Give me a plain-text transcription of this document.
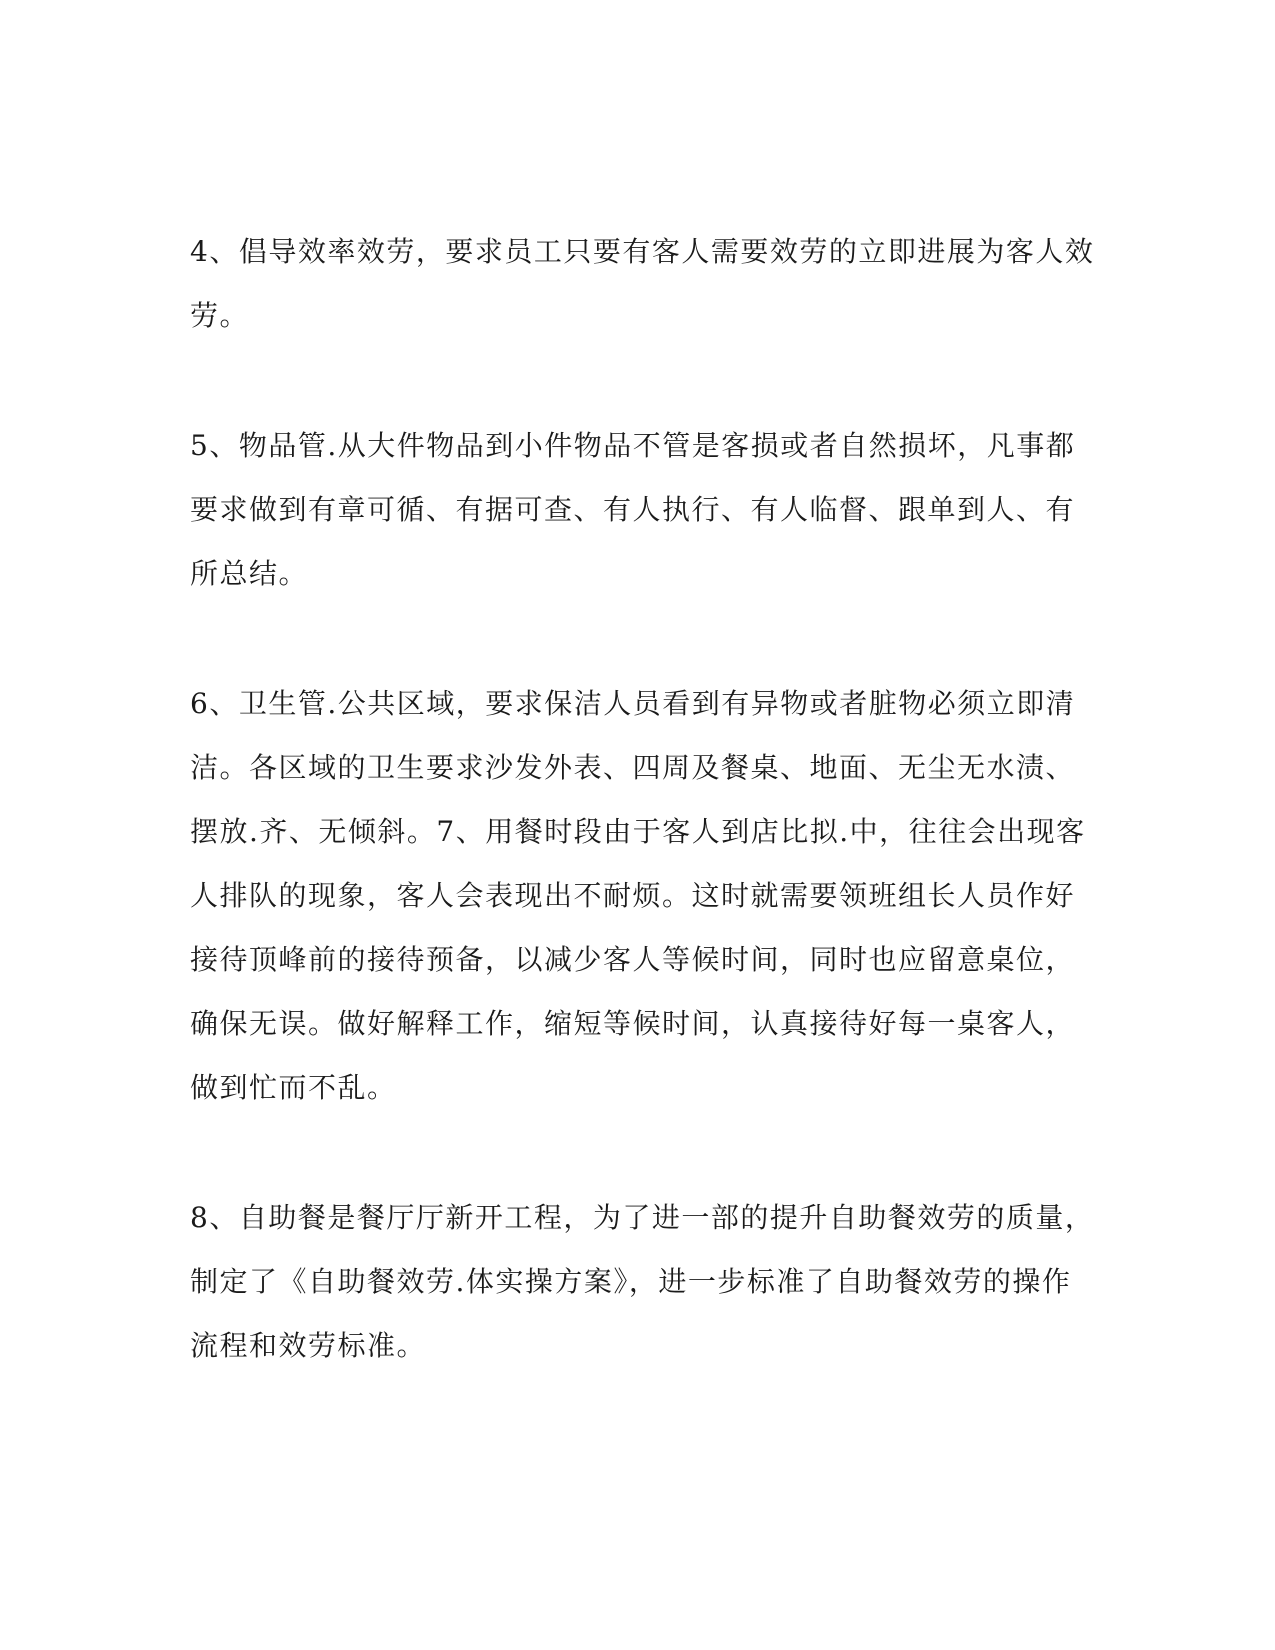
4、倡导效率效劳，要求员工只要有客人需要效劳的立即进展为客人效
劳。

5、物品管.从大件物品到小件物品不管是客损或者自然损坏，凡事都
要求做到有章可循、有据可查、有人执行、有人临督、跟单到人、有
所总结。

6、卫生管.公共区域，要求保洁人员看到有异物或者脏物必须立即清
洁。各区域的卫生要求沙发外表、四周及餐桌、地面、无尘无水渍、
摆放.齐、无倾斜。7、用餐时段由于客人到店比拟.中，往往会出现客
人排队的现象，客人会表现出不耐烦。这时就需要领班组长人员作好
接待顶峰前的接待预备，以减少客人等候时间，同时也应留意桌位，
确保无误。做好解释工作，缩短等候时间，认真接待好每一桌客人，
做到忙而不乱。

8、自助餐是餐厅厅新开工程，为了进一部的提升自助餐效劳的质量，
制定了《自助餐效劳.体实操方案》，进一步标准了自助餐效劳的操作
流程和效劳标准。
